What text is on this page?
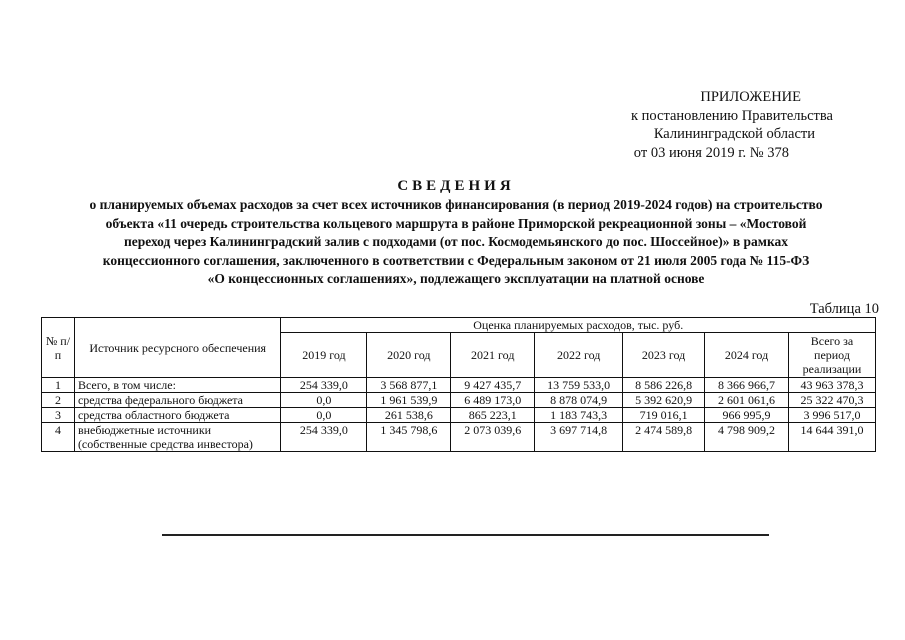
ПРИЛОЖЕНИЕ
к постановлению Правительства
Калининградской области
от 03 июня 2019 г. № 378
СВЕДЕНИЯ
о планируемых объемах расходов за счет всех источников финансирования (в период 2019-2024 годов) на строительство
объекта «11 очередь строительства кольцевого маршрута в районе Приморской рекреационной зоны – «Мостовой
переход через Калининградский залив с подходами (от пос. Космодемьянского до пос. Шоссейное)» в рамках
концессионного соглашения, заключенного в соответствии с Федеральным законом от 21 июля 2005 года № 115-ФЗ
«О концессионных соглашениях», подлежащего эксплуатации на платной основе
Таблица 10
№ п/п	Источник ресурсного обеспечения	Оценка планируемых расходов, тыс. руб.						
		2019 год	2020 год	2021 год	2022 год	2023 год	2024 год	Всего за период реализации
1	Всего, в том числе:	254 339,0	3 568 877,1	9 427 435,7	13 759 533,0	8 586 226,8	8 366 966,7	43 963 378,3
2	средства федерального бюджета	0,0	1 961 539,9	6 489 173,0	8 878 074,9	5 392 620,9	2 601 061,6	25 322 470,3
3	средства областного бюджета	0,0	261 538,6	865 223,1	1 183 743,3	719 016,1	966 995,9	3 996 517,0
4	внебюджетные источники (собственные средства инвестора)	254 339,0	1 345 798,6	2 073 039,6	3 697 714,8	2 474 589,8	4 798 909,2	14 644 391,0
